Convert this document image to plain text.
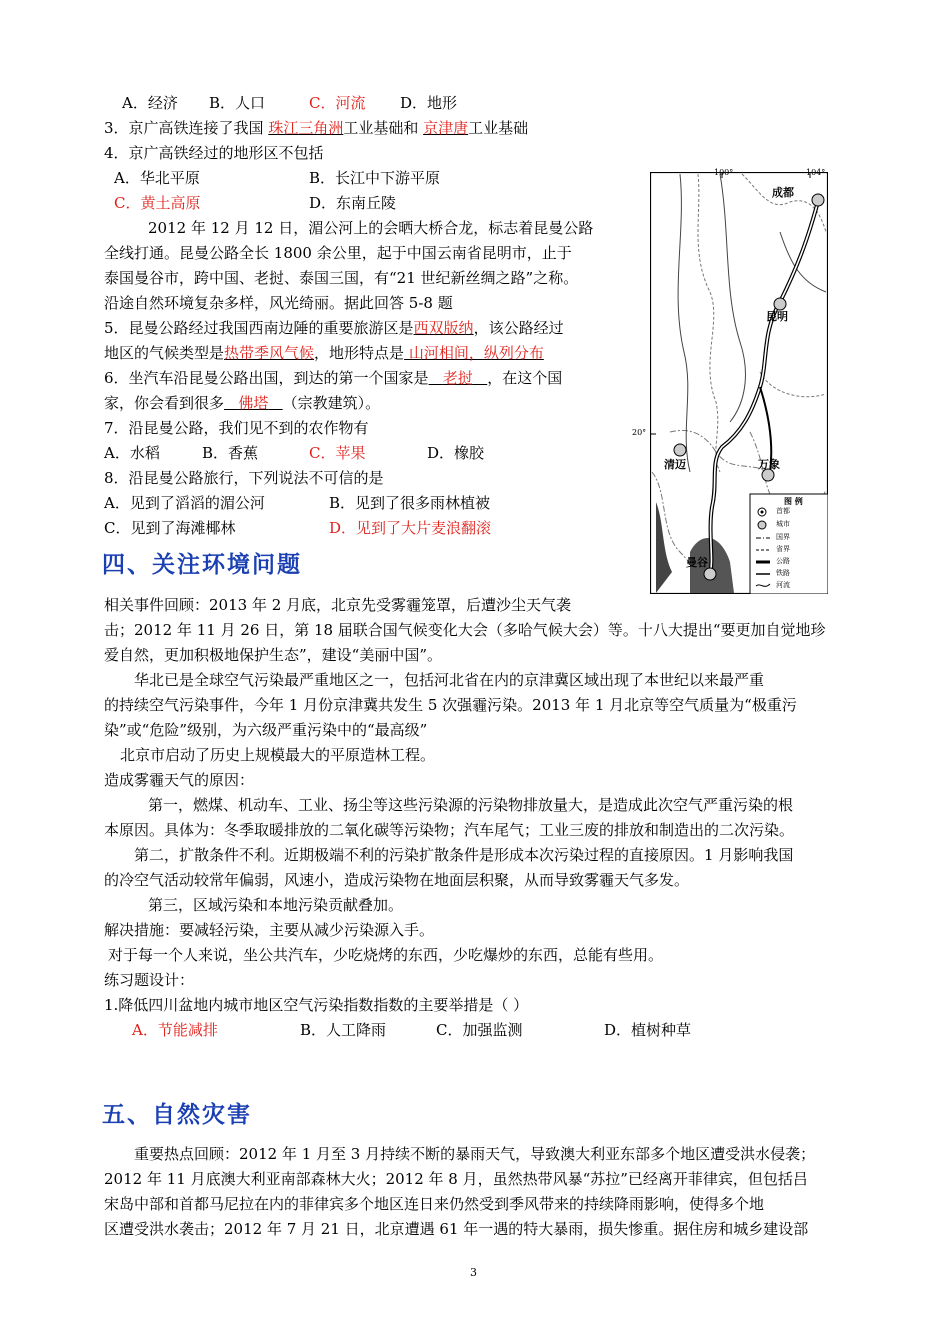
A．经济 B．人口	C．河流 D．地形
3．京广高铁连接了我国 珠江三角洲工业基础和 京津唐工业基础
4．京广高铁经过的地形区不包括
A．华北平原	B．长江中下游平原
C．黄土高原	D．东南丘陵
2012 年 12 月 12 日，湄公河上的会晒大桥合龙，标志着昆曼公路
全线打通。昆曼公路全长 1800 余公里，起于中国云南省昆明市，止于
泰国曼谷市，跨中国、老挝、泰国三国，有“21 世纪新丝绸之路”之称。
沿途自然环境复杂多样，风光绮丽。据此回答 5-8 题
5．昆曼公路经过我国西南边陲的重要旅游区是西双版纳，该公路经过
地区的气候类型是热带季风气候，地形特点是 山河相间，纵列分布
6．坐汽车沿昆曼公路出国，到达的第一个国家是 老挝 ，在这个国
家，你会看到很多 佛塔 （宗教建筑）。
7．沿昆曼公路，我们见不到的农作物有
A．水稻	B．香蕉	C．苹果	D．橡胶
8．沿昆曼公路旅行，下列说法不可信的是
A．见到了滔滔的湄公河	B．见到了很多雨林植被
C．见到了海滩椰林	D．见到了大片麦浪翻滚
100°	104°
20°
成都
昆明
清迈	万象
曼谷
图 例
首都
城市
国界
省界
公路
铁路
河流
四、关注环境问题
相关事件回顾：2013 年 2 月底，北京先受雾霾笼罩，后遭沙尘天气袭
击；2012 年 11 月 26 日，第 18 届联合国气候变化大会（多哈气候大会）等。十八大提出“要更加自觉地珍
爱自然，更加积极地保护生态”，建设“美丽中国”。
华北已是全球空气污染最严重地区之一，包括河北省在内的京津冀区域出现了本世纪以来最严重
的持续空气污染事件，今年 1 月份京津冀共发生 5 次强霾污染。2013 年 1 月北京等空气质量为“极重污
染”或“危险”级别，为六级严重污染中的“最高级”
北京市启动了历史上规模最大的平原造林工程。
造成雾霾天气的原因：
第一，燃煤、机动车、工业、扬尘等这些污染源的污染物排放量大，是造成此次空气严重污染的根
本原因。具体为：冬季取暖排放的二氧化碳等污染物；汽车尾气；工业三废的排放和制造出的二次污染。
第二，扩散条件不利。近期极端不利的污染扩散条件是形成本次污染过程的直接原因。1 月影响我国
的冷空气活动较常年偏弱，风速小，造成污染物在地面层积聚，从而导致雾霾天气多发。
第三，区域污染和本地污染贡献叠加。
解决措施：要减轻污染，主要从减少污染源入手。
对于每一个人来说，坐公共汽车，少吃烧烤的东西，少吃爆炒的东西，总能有些用。
练习题设计：
1.降低四川盆地内城市地区空气污染指数指数的主要举措是（ ）
A．节能减排	B．人工降雨	C．加强监测	D．植树种草
五、自然灾害
重要热点回顾：2012 年 1 月至 3 月持续不断的暴雨天气，导致澳大利亚东部多个地区遭受洪水侵袭；
2012 年 11 月底澳大利亚南部森林大火；2012 年 8 月，虽然热带风暴“苏拉”已经离开菲律宾，但包括吕
宋岛中部和首都马尼拉在内的菲律宾多个地区连日来仍然受到季风带来的持续降雨影响，使得多个地
区遭受洪水袭击；2012 年 7 月 21 日，北京遭遇 61 年一遇的特大暴雨，损失惨重。据住房和城乡建设部
3
